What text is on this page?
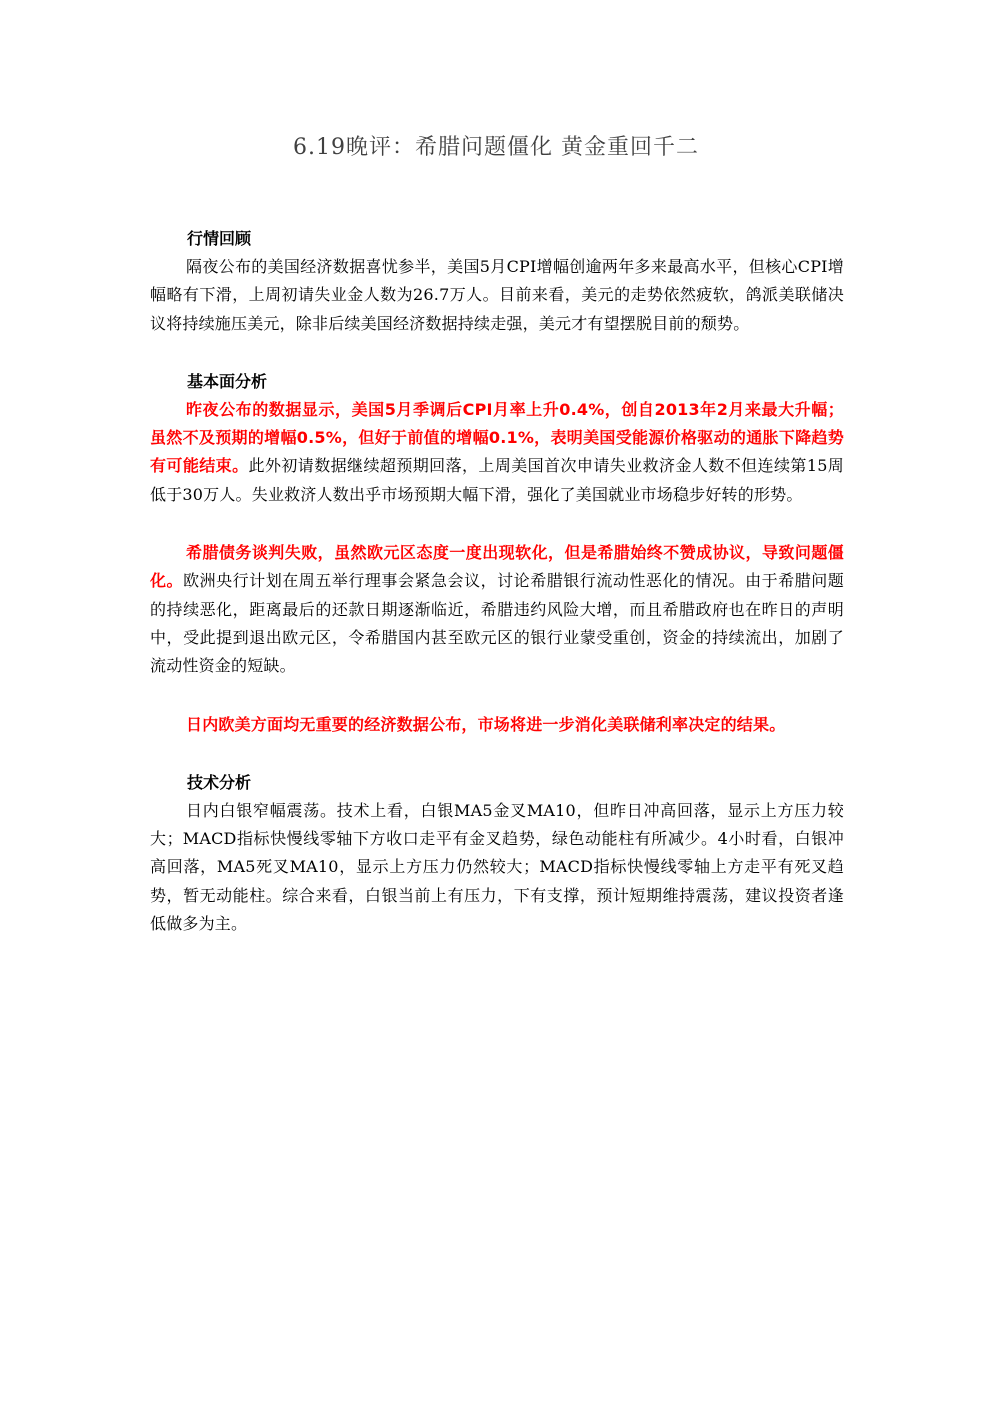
6.19晚评：希腊问题僵化 黄金重回千二
行情回顾

隔夜公布的美国经济数据喜忧参半，美国5月CPI增幅创逾两年多来最高水平，但核心CPI增幅略有下滑，上周初请失业金人数为26.7万人。目前来看，美元的走势依然疲软，鸽派美联储决议将持续施压美元，除非后续美国经济数据持续走强，美元才有望摆脱目前的颓势。

基本面分析

昨夜公布的数据显示，美国5月季调后CPI月率上升0.4%，创自2013年2月来最大升幅；虽然不及预期的增幅0.5%，但好于前值的增幅0.1%，表明美国受能源价格驱动的通胀下降趋势有可能结束。此外初请数据继续超预期回落，上周美国首次申请失业救济金人数不但连续第15周低于30万人。失业救济人数出乎市场预期大幅下滑，强化了美国就业市场稳步好转的形势。

希腊债务谈判失败，虽然欧元区态度一度出现软化，但是希腊始终不赞成协议，导致问题僵化。欧洲央行计划在周五举行理事会紧急会议，讨论希腊银行流动性恶化的情况。由于希腊问题的持续恶化，距离最后的还款日期逐渐临近，希腊违约风险大增，而且希腊政府也在昨日的声明中，受此提到退出欧元区，令希腊国内甚至欧元区的银行业蒙受重创，资金的持续流出，加剧了流动性资金的短缺。

日内欧美方面均无重要的经济数据公布，市场将进一步消化美联储利率决定的结果。

技术分析

日内白银窄幅震荡。技术上看，白银MA5金叉MA10，但昨日冲高回落，显示上方压力较大；MACD指标快慢线零轴下方收口走平有金叉趋势，绿色动能柱有所减少。4小时看，白银冲高回落，MA5死叉MA10，显示上方压力仍然较大；MACD指标快慢线零轴上方走平有死叉趋势，暂无动能柱。综合来看，白银当前上有压力，下有支撑，预计短期维持震荡，建议投资者逢低做多为主。
